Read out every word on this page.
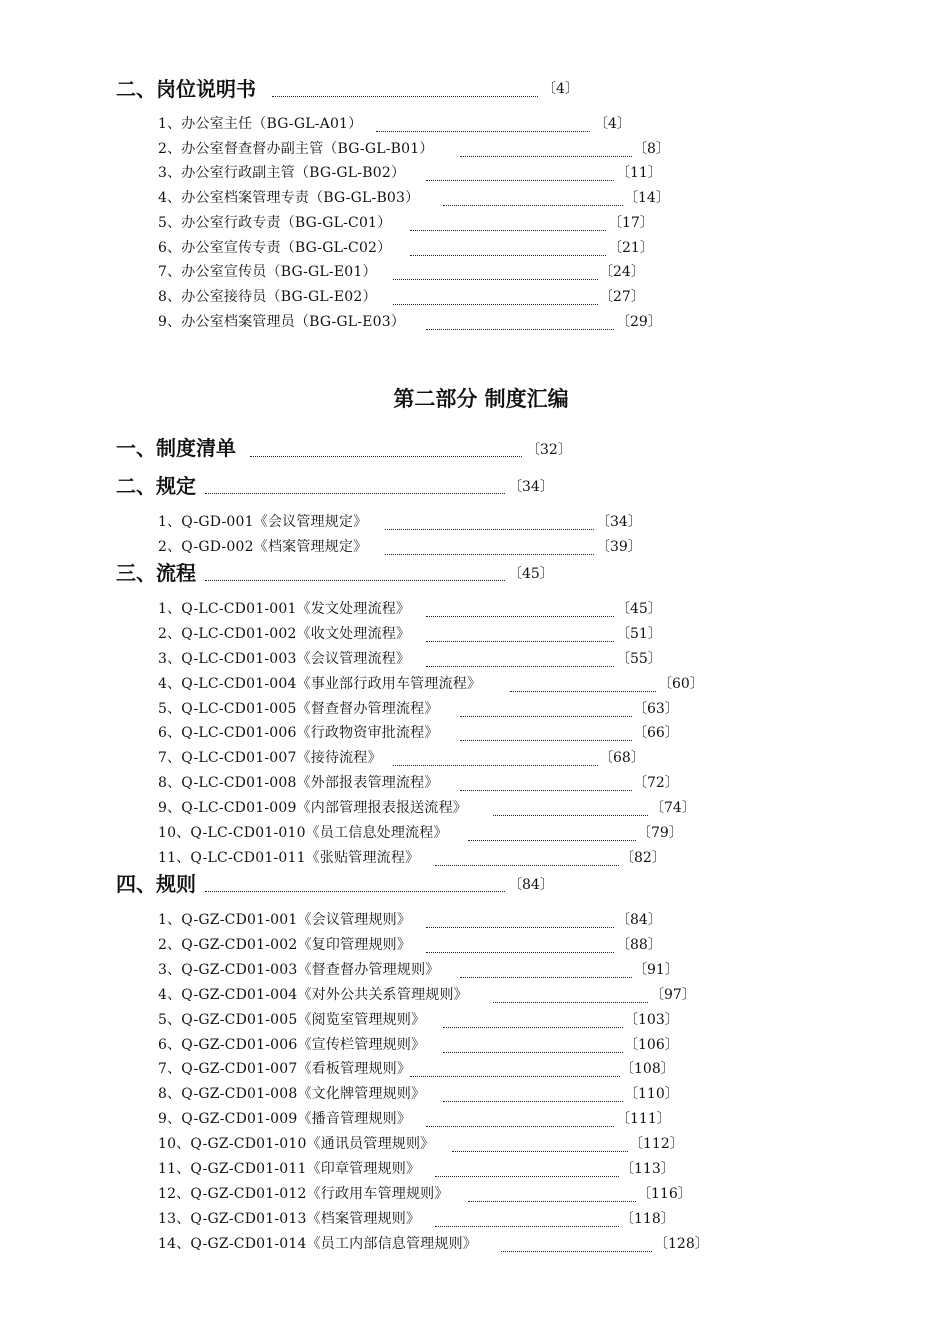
二、岗位说明书	〔4〕
1、办公室主任（BG-GL-A01）	〔4〕
2、办公室督查督办副主管（BG-GL-B01）	〔8〕
3、办公室行政副主管（BG-GL-B02）	〔11〕
4、办公室档案管理专责（BG-GL-B03）	〔14〕
5、办公室行政专责（BG-GL-C01）	〔17〕
6、办公室宣传专责（BG-GL-C02）	〔21〕
7、办公室宣传员（BG-GL-E01）	〔24〕
8、办公室接待员（BG-GL-E02）	〔27〕
9、办公室档案管理员（BG-GL-E03）	〔29〕
第二部分 制度汇编
一、制度清单	〔32〕
二、规定	〔34〕
1、Q-GD-001《会议管理规定》	〔34〕
2、Q-GD-002《档案管理规定》	〔39〕
三、流程	〔45〕
1、Q-LC-CD01-001《发文处理流程》	〔45〕
2、Q-LC-CD01-002《收文处理流程》	〔51〕
3、Q-LC-CD01-003《会议管理流程》	〔55〕
4、Q-LC-CD01-004《事业部行政用车管理流程》	〔60〕
5、Q-LC-CD01-005《督查督办管理流程》	〔63〕
6、Q-LC-CD01-006《行政物资审批流程》	〔66〕
7、Q-LC-CD01-007《接待流程》	〔68〕
8、Q-LC-CD01-008《外部报表管理流程》	〔72〕
9、Q-LC-CD01-009《内部管理报表报送流程》	〔74〕
10、Q-LC-CD01-010《员工信息处理流程》	〔79〕
11、Q-LC-CD01-011《张贴管理流程》	〔82〕
四、规则	〔84〕
1、Q-GZ-CD01-001《会议管理规则》	〔84〕
2、Q-GZ-CD01-002《复印管理规则》	〔88〕
3、Q-GZ-CD01-003《督查督办管理规则》	〔91〕
4、Q-GZ-CD01-004《对外公共关系管理规则》	〔97〕
5、Q-GZ-CD01-005《阅览室管理规则》	〔103〕
6、Q-GZ-CD01-006《宣传栏管理规则》	〔106〕
7、Q-GZ-CD01-007《看板管理规则》	〔108〕
8、Q-GZ-CD01-008《文化牌管理规则》	〔110〕
9、Q-GZ-CD01-009《播音管理规则》	〔111〕
10、Q-GZ-CD01-010《通讯员管理规则》	〔112〕
11、Q-GZ-CD01-011《印章管理规则》	〔113〕
12、Q-GZ-CD01-012《行政用车管理规则》	〔116〕
13、Q-GZ-CD01-013《档案管理规则》	〔118〕
14、Q-GZ-CD01-014《员工内部信息管理规则》	〔128〕
